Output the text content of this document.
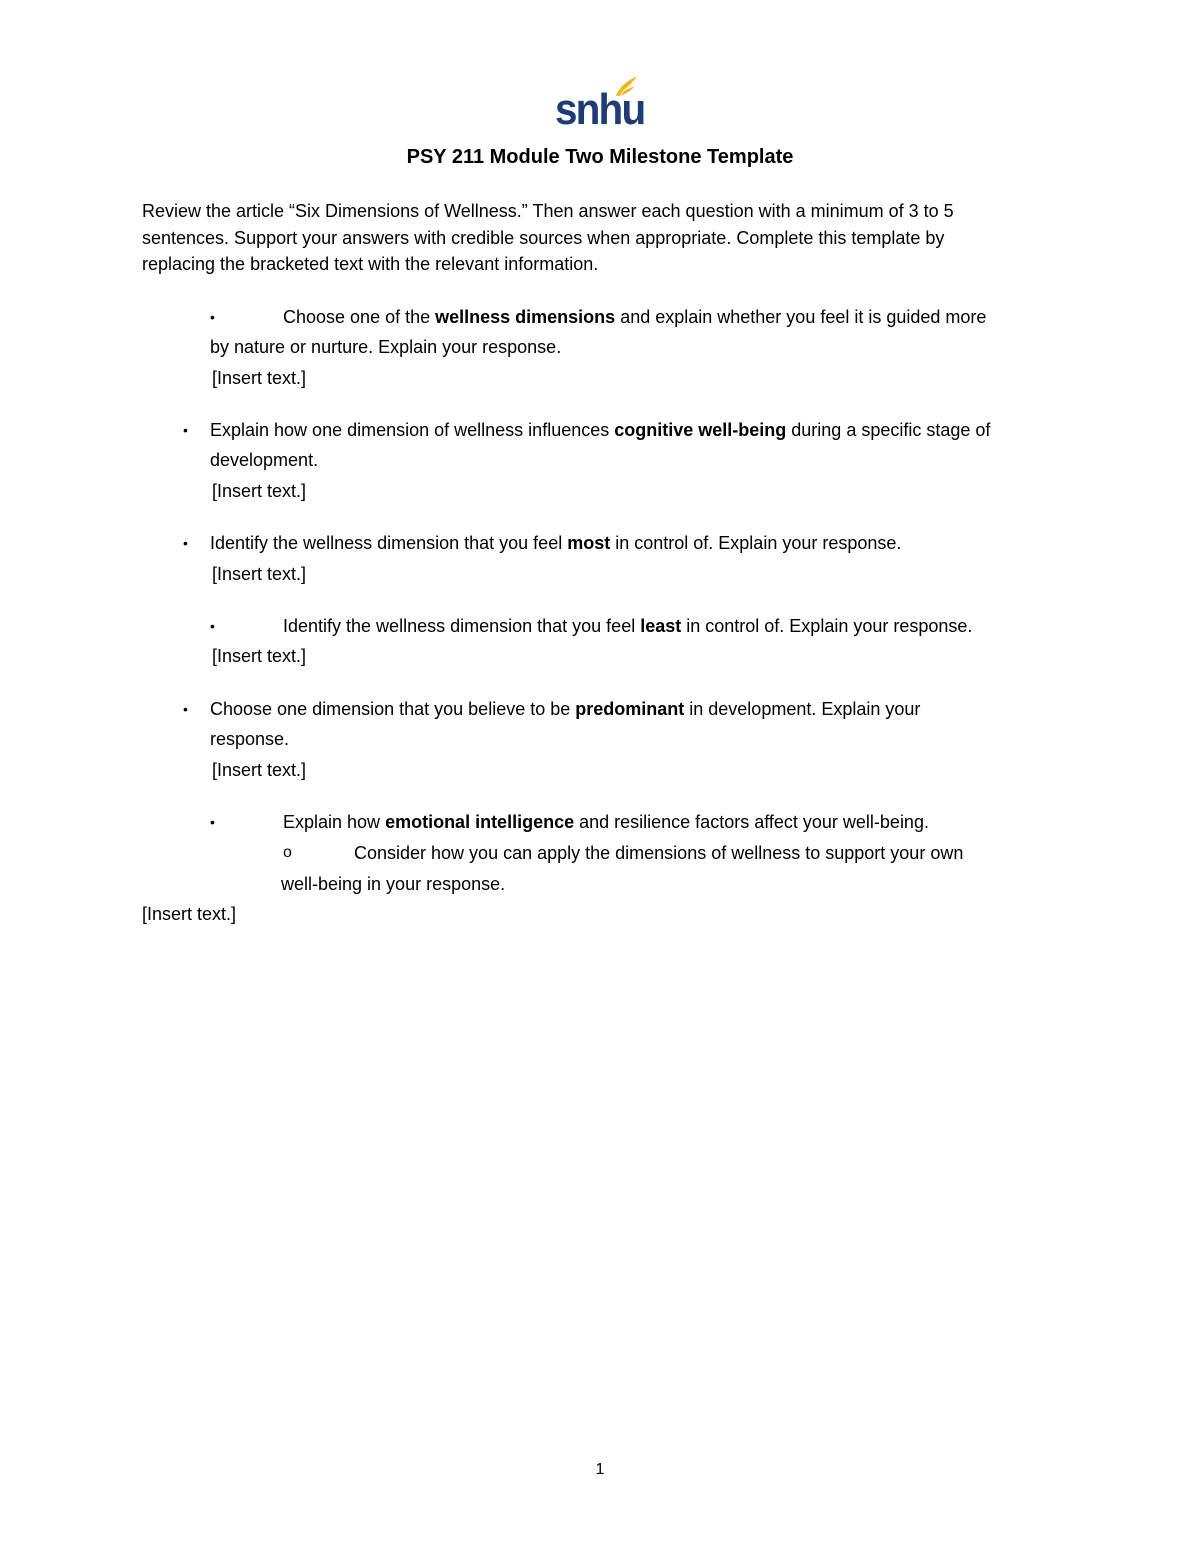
snhu
PSY 211 Module Two Milestone Template
Review the article “Six Dimensions of Wellness.” Then answer each question with a minimum of 3 to 5
sentences. Support your answers with credible sources when appropriate. Complete this template by
replacing the bracketed text with the relevant information.
•	Choose one of the wellness dimensions and explain whether you feel it is guided more
by nature or nurture. Explain your response.
[Insert text.]
• Explain how one dimension of wellness influences cognitive well-being during a specific stage of
development.
[Insert text.]
• Identify the wellness dimension that you feel most in control of. Explain your response.
[Insert text.]
•	Identify the wellness dimension that you feel least in control of. Explain your response.
[Insert text.]
• Choose one dimension that you believe to be predominant in development. Explain your
response.
[Insert text.]
•	Explain how emotional intelligence and resilience factors affect your well-being.
o	Consider how you can apply the dimensions of wellness to support your own
well-being in your response.
[Insert text.]
1
